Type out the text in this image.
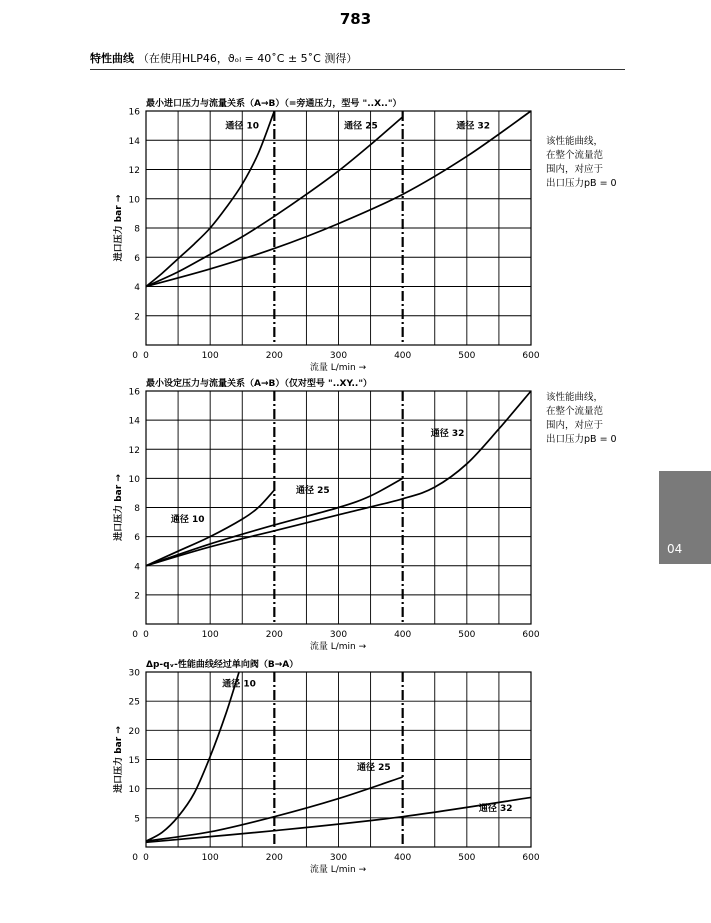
783
特性曲线 （在使用HLP46，ϑₒₗ = 40˚C ± 5˚C 测得）
该性能曲线，
在整个流量范
围内，对应于
出口压力pB = 0
该性能曲线，
在整个流量范
围内，对应于
出口压力pB = 0
04
0	100	200	300	400	500	600
0
2
4
6
8
10
12
14
16
流量 L/min →
进口压力 bar →
最小进口压力与流量关系（A→B）（=旁通压力，型号 "..X.."）
通径 10	通径 25	通径 32
0	100	200	300	400	500	600
0
2
4
6
8
10
12
14
16
流量 L/min →
进口压力 bar →
最小设定压力与流量关系（A→B）（仅对型号 "..XY.."）
通径 10
通径 25
通径 32
0	100	200	300	400	500	600
0
5
10
15
20
25
30
流量 L/min →
进口压力 bar →
Δp-qᵥ-性能曲线经过单向阀（B→A）
通径 10
通径 25
通径 32
